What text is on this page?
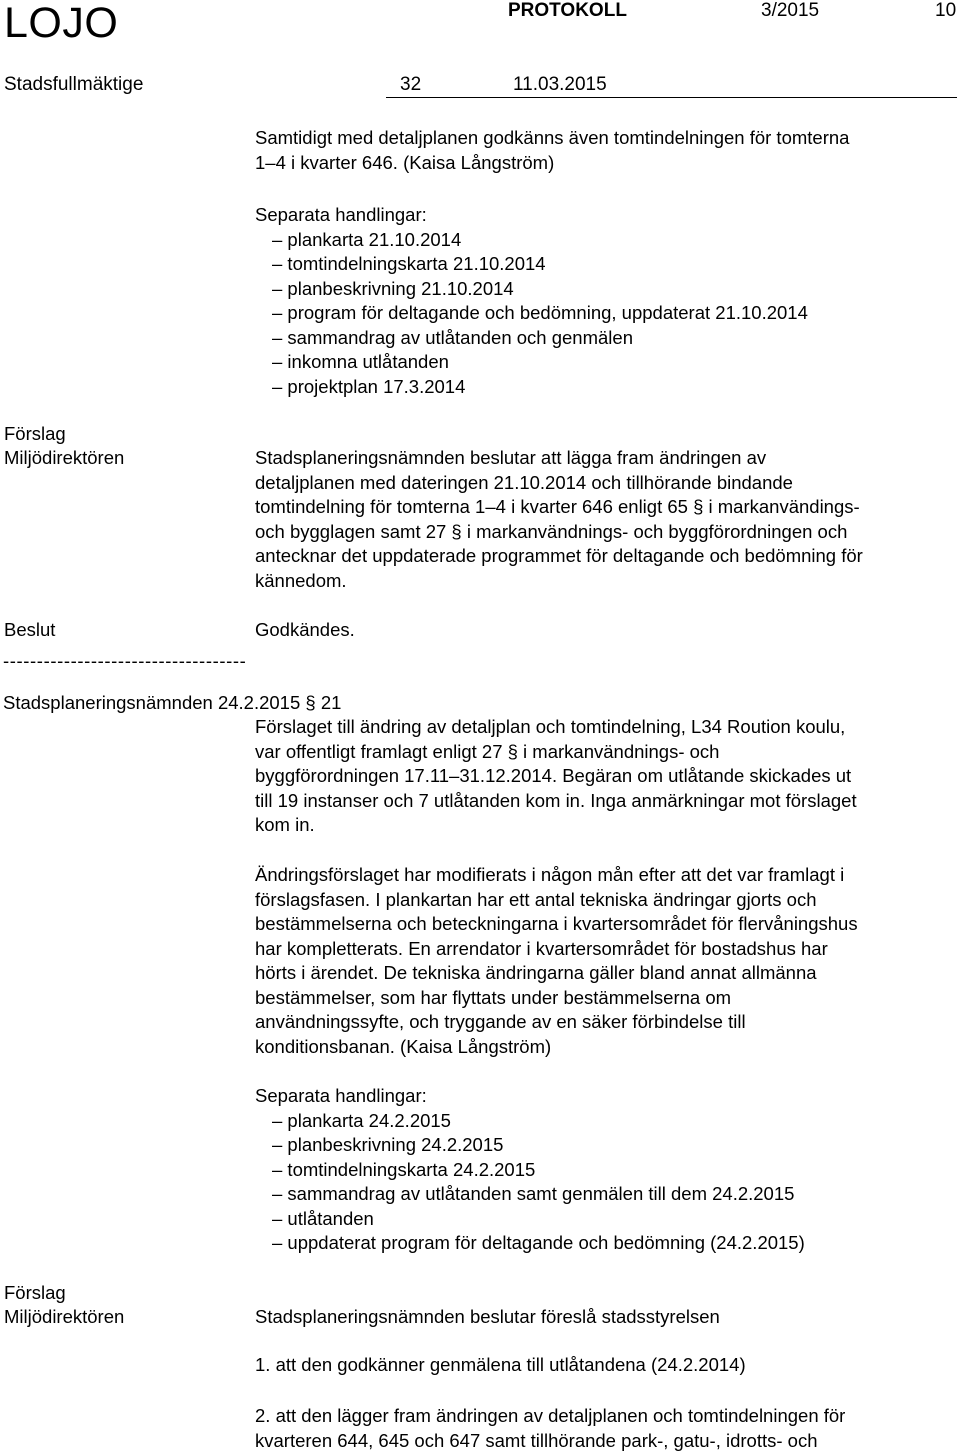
LOJO	PROTOKOLL	3/2015	10
Stadsfullmäktige	32	11.03.2015
Samtidigt med detaljplanen godkänns även tomtindelningen för tomterna
1–4 i kvarter 646. (Kaisa Långström)
Separata handlingar:
– plankarta 21.10.2014
– tomtindelningskarta 21.10.2014
– planbeskrivning 21.10.2014
– program för deltagande och bedömning, uppdaterat 21.10.2014
– sammandrag av utlåtanden och genmälen
– inkomna utlåtanden
– projektplan 17.3.2014
Förslag
Miljödirektören	Stadsplaneringsnämnden beslutar att lägga fram ändringen av
detaljplanen med dateringen 21.10.2014 och tillhörande bindande
tomtindelning för tomterna 1–4 i kvarter 646 enligt 65 § i markanvändings-
och bygglagen samt 27 § i markanvändnings- och byggförordningen och
antecknar det uppdaterade programmet för deltagande och bedömning för
kännedom.
Beslut	Godkändes.
------------------------------------
Stadsplaneringsnämnden 24.2.2015 § 21
Förslaget till ändring av detaljplan och tomtindelning, L34 Roution koulu,
var offentligt framlagt enligt 27 § i markanvändnings- och
byggförordningen 17.11–31.12.2014. Begäran om utlåtande skickades ut
till 19 instanser och 7 utlåtanden kom in. Inga anmärkningar mot förslaget
kom in.
Ändringsförslaget har modifierats i någon mån efter att det var framlagt i
förslagsfasen. I plankartan har ett antal tekniska ändringar gjorts och
bestämmelserna och beteckningarna i kvartersområdet för flervåningshus
har kompletterats. En arrendator i kvartersområdet för bostadshus har
hörts i ärendet. De tekniska ändringarna gäller bland annat allmänna
bestämmelser, som har flyttats under bestämmelserna om
användningssyfte, och tryggande av en säker förbindelse till
konditionsbanan. (Kaisa Långström)
Separata handlingar:
– plankarta 24.2.2015
– planbeskrivning 24.2.2015
– tomtindelningskarta 24.2.2015
– sammandrag av utlåtanden samt genmälen till dem 24.2.2015
– utlåtanden
– uppdaterat program för deltagande och bedömning (24.2.2015)
Förslag
Miljödirektören	Stadsplaneringsnämnden beslutar föreslå stadsstyrelsen
1. att den godkänner genmälena till utlåtandena (24.2.2014)
2. att den lägger fram ändringen av detaljplanen och tomtindelningen för
kvarteren 644, 645 och 647 samt tillhörande park-, gatu-, idrotts- och
